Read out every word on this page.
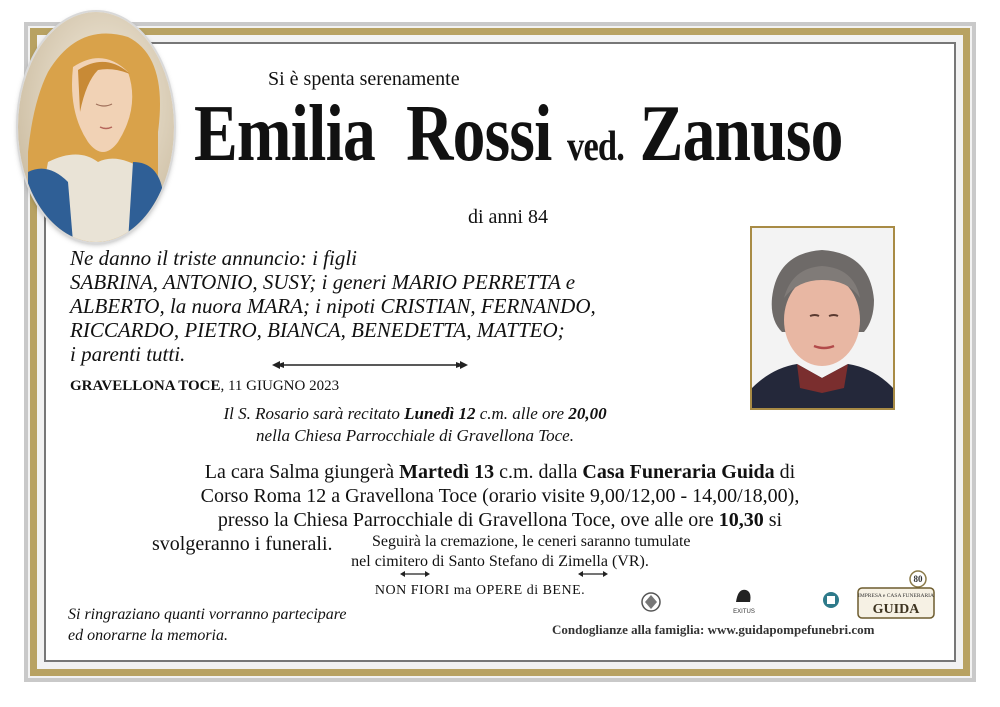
Si è spenta serenamente
Emilia Rossi ved. Zanuso
di anni 84
Ne danno il triste annuncio: i figli
SABRINA, ANTONIO, SUSY; i generi MARIO PERRETTA e
ALBERTO, la nuora MARA; i nipoti CRISTIAN, FERNANDO,
RICCARDO, PIETRO, BIANCA, BENEDETTA, MATTEO;
i parenti tutti.
GRAVELLONA TOCE, 11 GIUGNO 2023
Il S. Rosario sarà recitato Lunedì 12 c.m. alle ore 20,00
nella Chiesa Parrocchiale di Gravellona Toce.
La cara Salma giungerà Martedì 13 c.m. dalla Casa Funeraria Guida di
Corso Roma 12 a Gravellona Toce (orario visite 9,00/12,00 - 14,00/18,00),
presso la Chiesa Parrocchiale di Gravellona Toce, ove alle ore 10,30 si
svolgeranno i funerali. Seguirà la cremazione, le ceneri saranno tumulate
nel cimitero di Santo Stefano di Zimella (VR).
NON FIORI ma OPERE di BENE.
Si ringraziano quanti vorranno partecipare
ed onorarne la memoria.
EXITUS
80
IMPRESA e CASA FUNERARIA
GUIDA
Condoglianze alla famiglia: www.guidapompefunebri.com
